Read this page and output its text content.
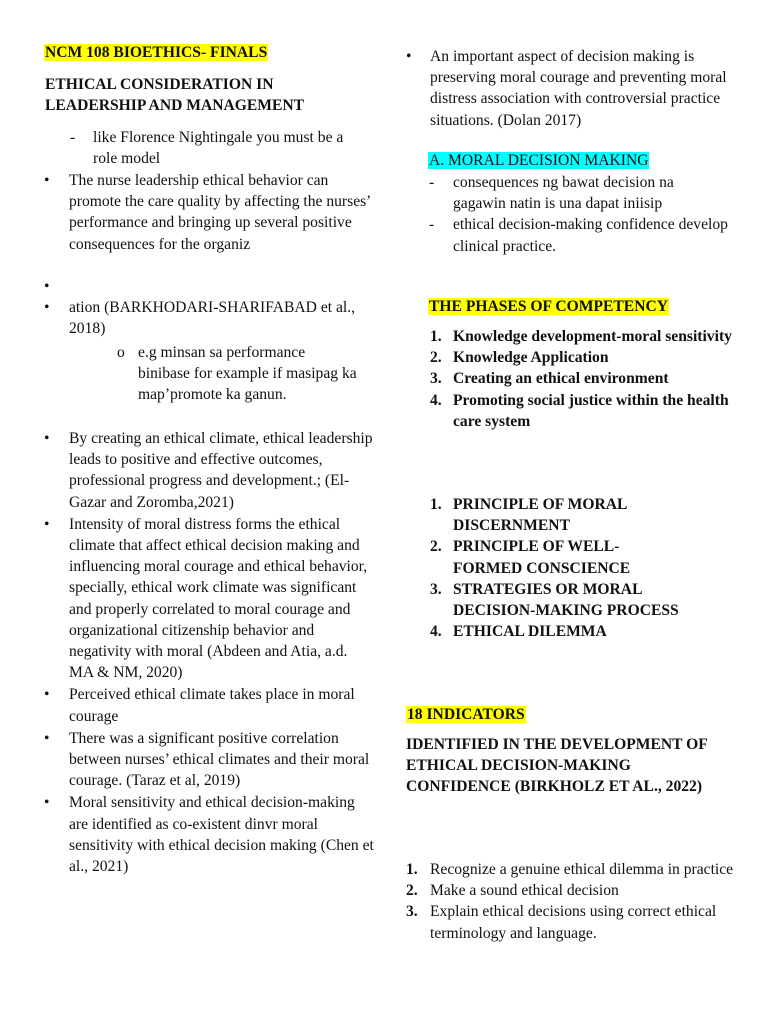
NCM 108 BIOETHICS- FINALS
ETHICAL CONSIDERATION IN
LEADERSHIP AND MANAGEMENT
-	like Florence Nightingale you must be a role model
•	The nurse leadership ethical behavior can promote the care quality by affecting the nurses’ performance and bringing up several positive consequences for the organiz
•
•	ation (BARKHODARI-SHARIFABAD et al., 2018)
o e.g minsan sa performance binibase for example if masipag ka map’promote ka ganun.
•	By creating an ethical climate, ethical leadership leads to positive and effective outcomes, professional progress and development.; (El-Gazar and Zoromba,2021)
•	Intensity of moral distress forms the ethical climate that affect ethical decision making and influencing moral courage and ethical behavior, specially, ethical work climate was significant and properly correlated to moral courage and organizational citizenship behavior and negativity with moral (Abdeen and Atia, a.d. MA & NM, 2020)
•	Perceived ethical climate takes place in moral courage
•	There was a significant positive correlation between nurses’ ethical climates and their moral courage. (Taraz et al, 2019)
•	Moral sensitivity and ethical decision-making are identified as co-existent dinvr moral sensitivity with ethical decision making (Chen et al., 2021)
•	An important aspect of decision making is preserving moral courage and preventing moral distress association with controversial practice situations. (Dolan 2017)
A. MORAL DECISION MAKING
-	consequences ng bawat decision na gagawin natin is una dapat iniisip
-	ethical decision-making confidence develop clinical practice.
THE PHASES OF COMPETENCY
1. Knowledge development-moral sensitivity
2. Knowledge Application
3. Creating an ethical environment
4. Promoting social justice within the health care system
1. PRINCIPLE OF MORAL DISCERNMENT
2. PRINCIPLE OF WELL-FORMED CONSCIENCE
3. STRATEGIES OR MORAL DECISION-MAKING PROCESS
4. ETHICAL DILEMMA
18 INDICATORS
IDENTIFIED IN THE DEVELOPMENT OF ETHICAL DECISION-MAKING CONFIDENCE (BIRKHOLZ ET AL., 2022)
1. Recognize a genuine ethical dilemma in practice
2. Make a sound ethical decision
3. Explain ethical decisions using correct ethical terminology and language.
